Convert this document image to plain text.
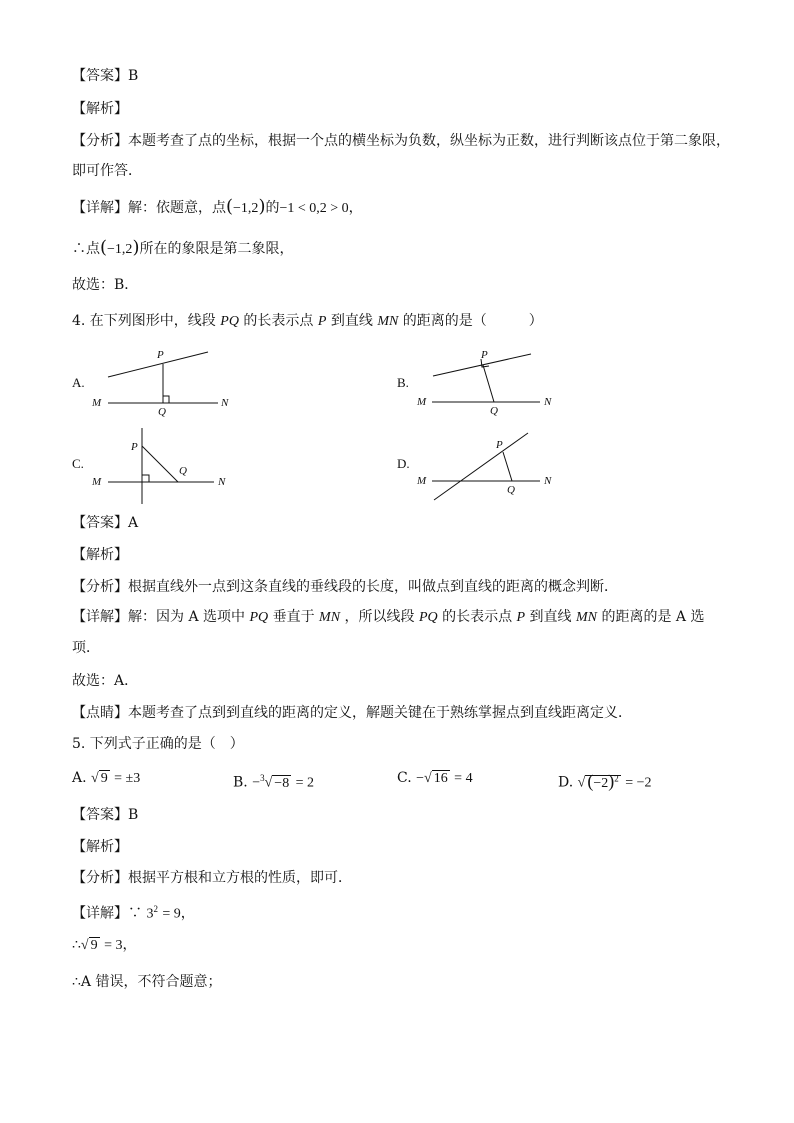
【答案】B
【解析】
【分析】本题考查了点的坐标，根据一个点的横坐标为负数，纵坐标为正数，进行判断该点位于第二象限，
即可作答．
【详解】解：依题意，点(−1,2)的−1 < 0,2 > 0，
∴点(−1,2)所在的象限是第二象限，
故选：B．
4. 在下列图形中，线段 PQ 的长表示点 P 到直线 MN 的距离的是（　　　）
A.
P
Q
M	N
B.
P
Q
M	N
C.
P
Q
M	N
D.
P
Q
M	N
【答案】A
【解析】
【分析】根据直线外一点到这条直线的垂线段的长度，叫做点到直线的距离的概念判断．
【详解】解：因为 A 选项中 PQ 垂直于 MN ，所以线段 PQ 的长表示点 P 到直线 MN 的距离的是 A 选
项．
故选：A．
【点睛】本题考查了点到到直线的距离的定义，解题关键在于熟练掌握点到直线距离定义．
5. 下列式子正确的是（　）
A. √ 9 = ±3	B. −$^3$√ −8 = 2	C. −√ 16 = 4	D. √ $(-2)^2 = -2$
【答案】B
【解析】
【分析】根据平方根和立方根的性质，即可．
【详解】∵ $3^2 = 9$，
∴√ 9 = 3，
∴A 错误，不符合题意；
